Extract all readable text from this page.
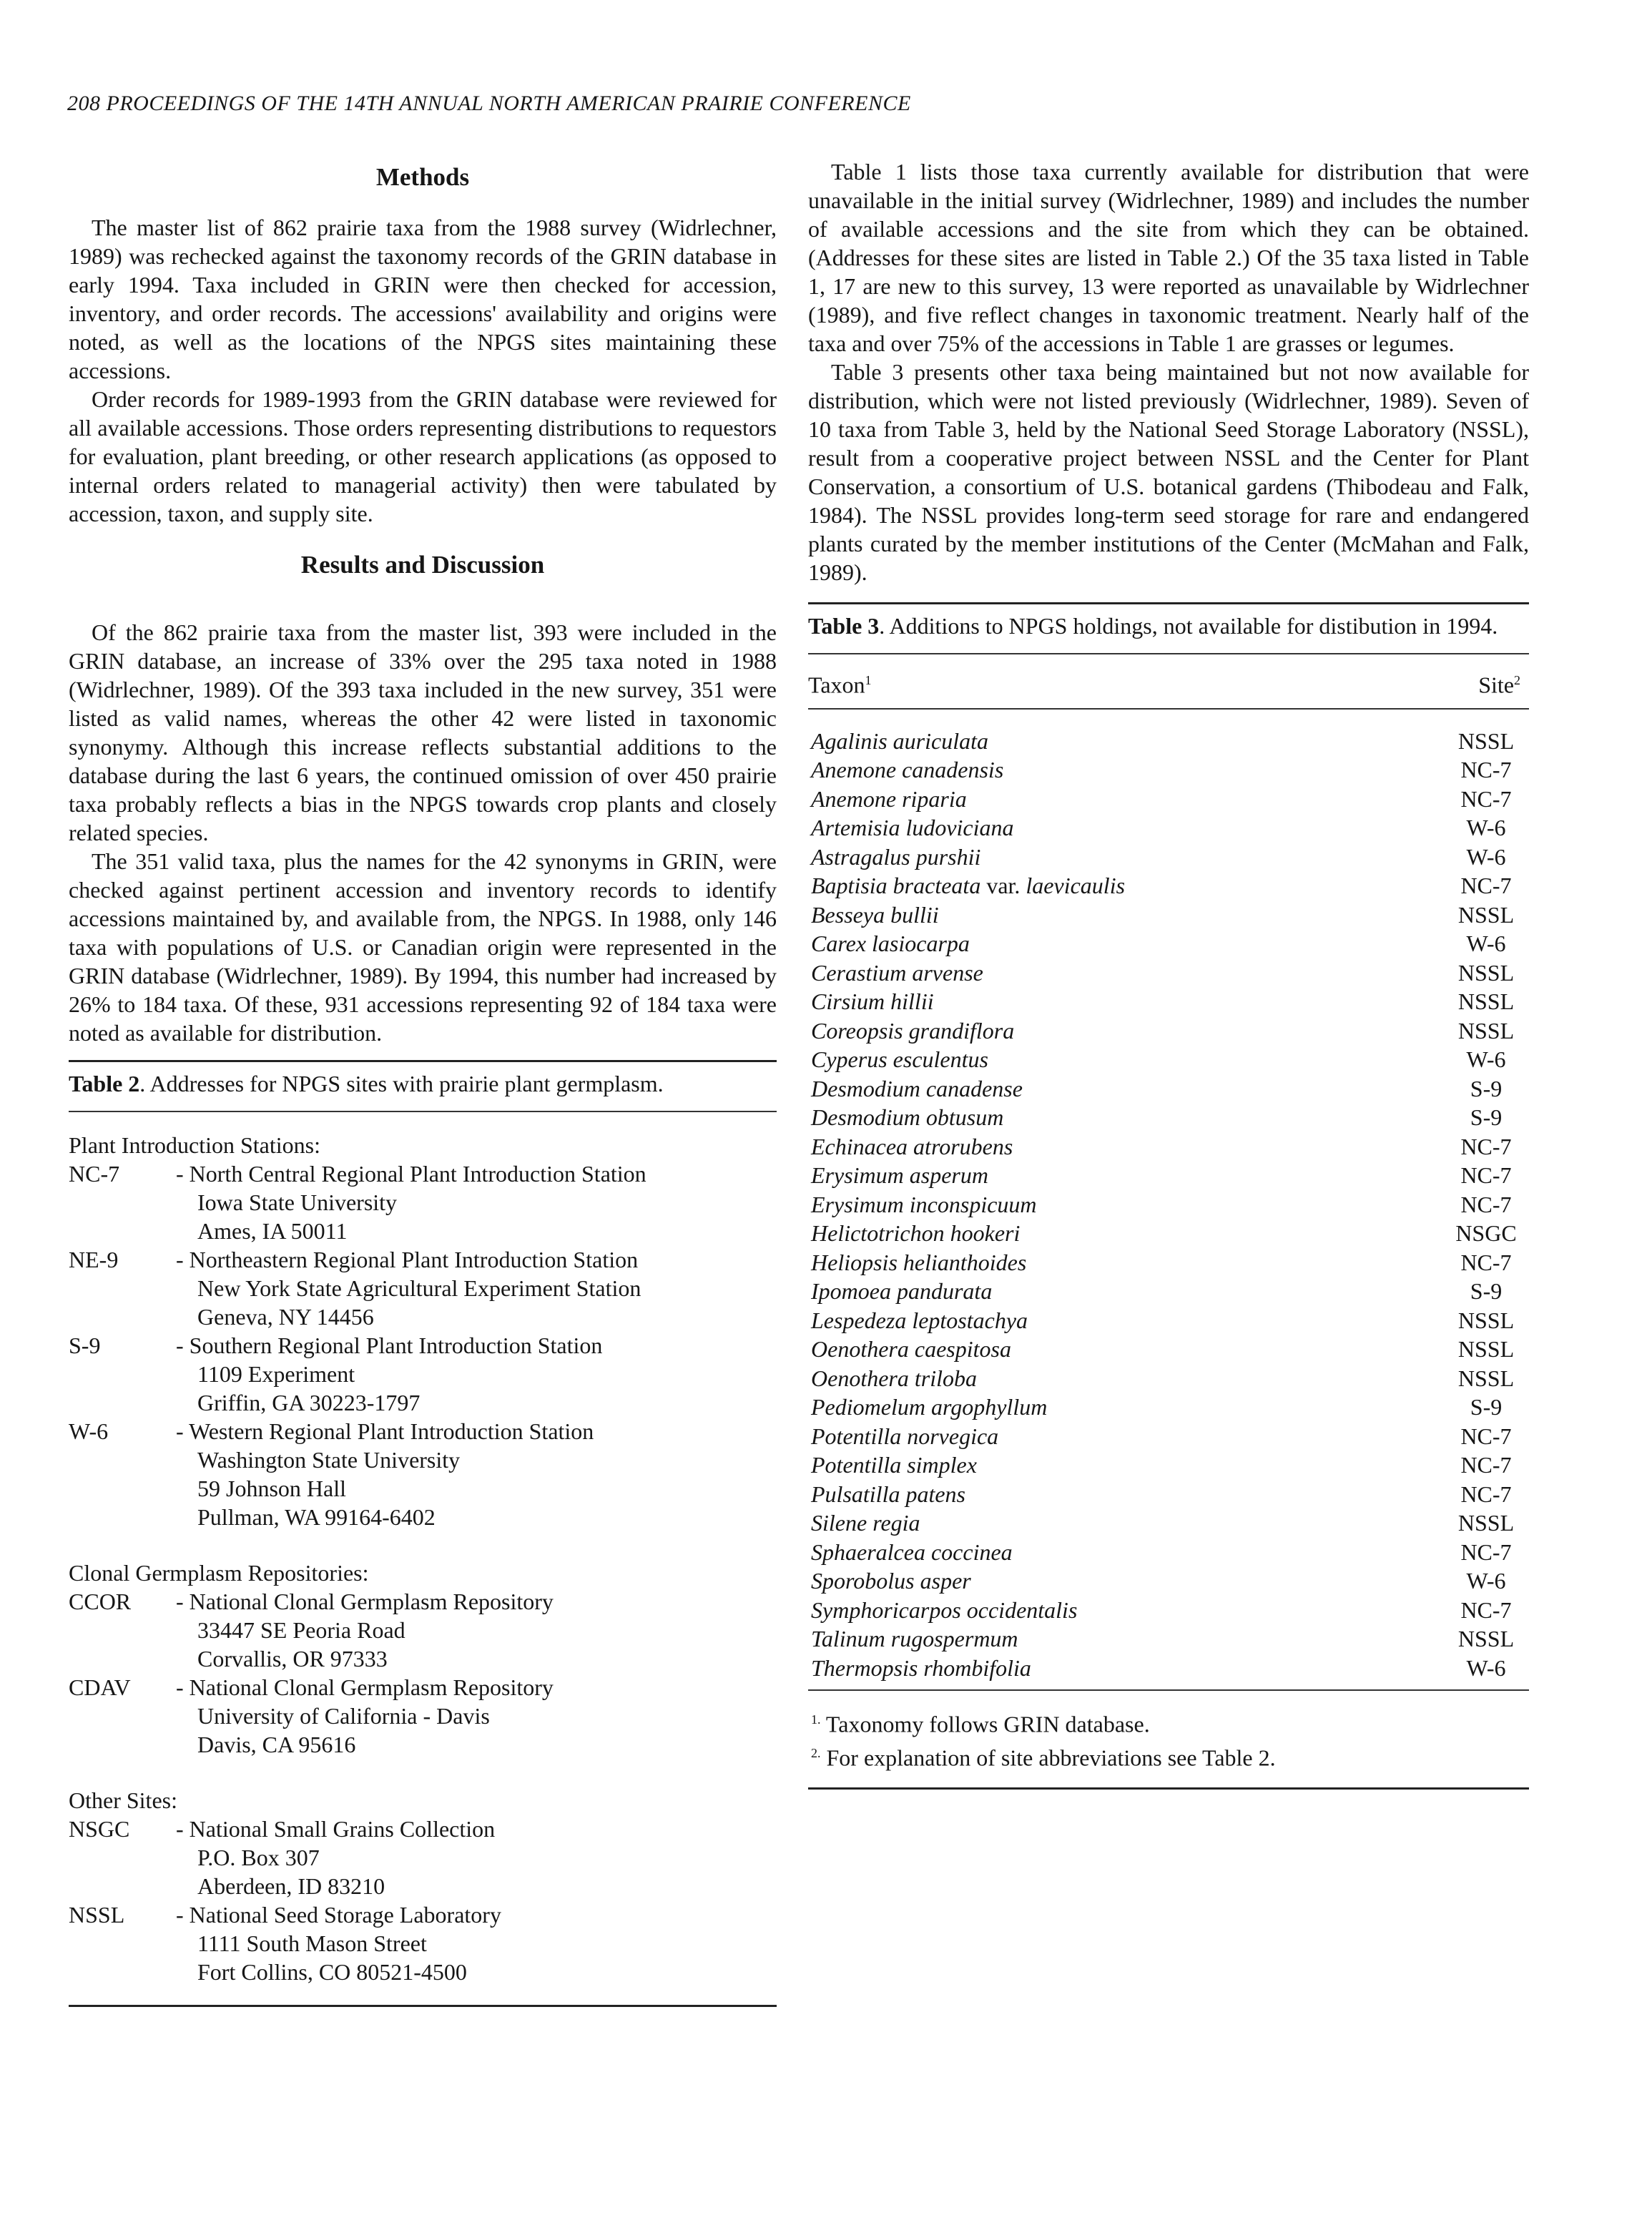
208 PROCEEDINGS OF THE 14TH ANNUAL NORTH AMERICAN PRAIRIE CONFERENCE
Methods

The master list of 862 prairie taxa from the 1988 survey (Widrlechner, 1989) was rechecked against the taxonomy records of the GRIN database in early 1994. Taxa included in GRIN were then checked for accession, inventory, and order records. The accessions' availability and origins were noted, as well as the locations of the NPGS sites maintaining these accessions.

Order records for 1989-1993 from the GRIN database were reviewed for all available accessions. Those orders representing distributions to requestors for evaluation, plant breeding, or other research applications (as opposed to internal orders related to managerial activity) then were tabulated by accession, taxon, and supply site.

Results and Discussion

Of the 862 prairie taxa from the master list, 393 were included in the GRIN database, an increase of 33% over the 295 taxa noted in 1988 (Widrlechner, 1989). Of the 393 taxa included in the new survey, 351 were listed as valid names, whereas the other 42 were listed in taxonomic synonymy. Although this increase reflects substantial additions to the database during the last 6 years, the continued omission of over 450 prairie taxa probably reflects a bias in the NPGS towards crop plants and closely related species.

The 351 valid taxa, plus the names for the 42 synonyms in GRIN, were checked against pertinent accession and inventory records to identify accessions maintained by, and available from, the NPGS. In 1988, only 146 taxa with populations of U.S. or Canadian origin were represented in the GRIN database (Widrlechner, 1989). By 1994, this number had increased by 26% to 184 taxa. Of these, 931 accessions representing 92 of 184 taxa were noted as available for distribution.

Table 2. Addresses for NPGS sites with prairie plant germplasm.
Plant Introduction Stations:
NC-7	- North Central Regional Plant Introduction Station
Iowa State University
Ames, IA 50011
NE-9	- Northeastern Regional Plant Introduction Station
New York State Agricultural Experiment Station
Geneva, NY 14456
S-9	- Southern Regional Plant Introduction Station
1109 Experiment
Griffin, GA 30223-1797
W-6	- Western Regional Plant Introduction Station
Washington State University
59 Johnson Hall
Pullman, WA 99164-6402
Clonal Germplasm Repositories:
CCOR	- National Clonal Germplasm Repository
33447 SE Peoria Road
Corvallis, OR 97333
CDAV	- National Clonal Germplasm Repository
University of California - Davis
Davis, CA 95616
Other Sites:
NSGC	- National Small Grains Collection
P.O. Box 307
Aberdeen, ID 83210
NSSL	- National Seed Storage Laboratory
1111 South Mason Street
Fort Collins, CO 80521-4500

Table 1 lists those taxa currently available for distribution that were unavailable in the initial survey (Widrlechner, 1989) and includes the number of available accessions and the site from which they can be obtained. (Addresses for these sites are listed in Table 2.) Of the 35 taxa listed in Table 1, 17 are new to this survey, 13 were reported as unavailable by Widrlechner (1989), and five reflect changes in taxonomic treatment. Nearly half of the taxa and over 75% of the accessions in Table 1 are grasses or legumes.

Table 3 presents other taxa being maintained but not now available for distribution, which were not listed previously (Widrlechner, 1989). Seven of 10 taxa from Table 3, held by the National Seed Storage Laboratory (NSSL), result from a cooperative project between NSSL and the Center for Plant Conservation, a consortium of U.S. botanical gardens (Thibodeau and Falk, 1984). The NSSL provides long-term seed storage for rare and endangered plants curated by the member institutions of the Center (McMahan and Falk, 1989).

Table 3. Additions to NPGS holdings, not available for distibution in 1994.
Taxon$^1$	Site$^2$
Agalinis auriculata	NSSL
Anemone canadensis	NC-7
Anemone riparia	NC-7
Artemisia ludoviciana	W-6
Astragalus purshii	W-6
Baptisia bracteata var. laevicaulis	NC-7
Besseya bullii	NSSL
Carex lasiocarpa	W-6
Cerastium arvense	NSSL
Cirsium hillii	NSSL
Coreopsis grandiflora	NSSL
Cyperus esculentus	W-6
Desmodium canadense	S-9
Desmodium obtusum	S-9
Echinacea atrorubens	NC-7
Erysimum asperum	NC-7
Erysimum inconspicuum	NC-7
Helictotrichon hookeri	NSGC
Heliopsis helianthoides	NC-7
Ipomoea pandurata	S-9
Lespedeza leptostachya	NSSL
Oenothera caespitosa	NSSL
Oenothera triloba	NSSL
Pediomelum argophyllum	S-9
Potentilla norvegica	NC-7
Potentilla simplex	NC-7
Pulsatilla patens	NC-7
Silene regia	NSSL
Sphaeralcea coccinea	NC-7
Sporobolus asper	W-6
Symphoricarpos occidentalis	NC-7
Talinum rugospermum	NSSL
Thermopsis rhombifolia	W-6
$^{1.}$ Taxonomy follows GRIN database.
$^{2.}$ For explanation of site abbreviations see Table 2.
